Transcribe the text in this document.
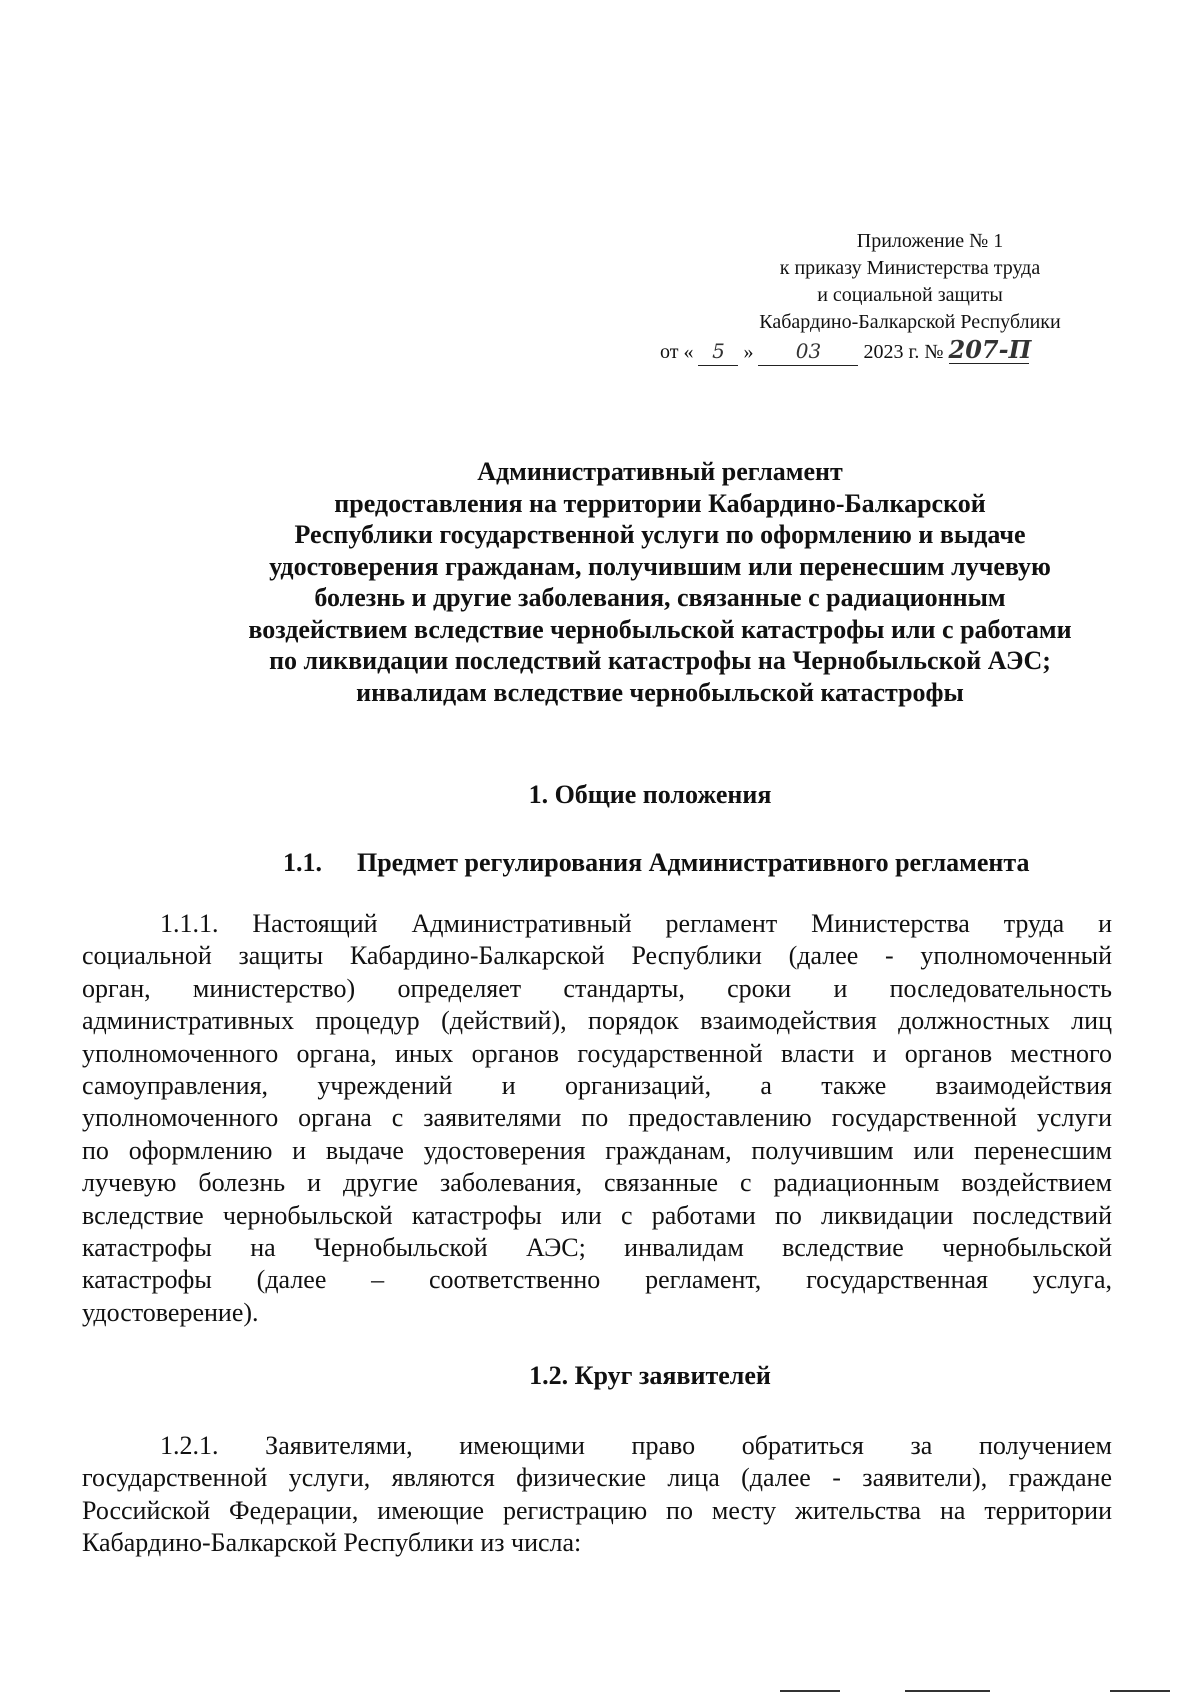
Приложение № 1
к приказу Министерства труда
и социальной защиты
Кабардино-Балкарской Республики
от « 5 » 03 2023 г. № 207-П
Административный регламент
предоставления на территории Кабардино-Балкарской
Республики государственной услуги по оформлению и выдаче
удостоверения гражданам, получившим или перенесшим лучевую
болезнь и другие заболевания, связанные с радиационным
воздействием вследствие чернобыльской катастрофы или с работами
по ликвидации последствий катастрофы на Чернобыльской АЭС;
инвалидам вследствие чернобыльской катастрофы
1. Общие положения
1.1. Предмет регулирования Административного регламента
1.1.1. Настоящий Административный регламент Министерства труда и
социальной защиты Кабардино-Балкарской Республики (далее - уполномоченный
орган, министерство) определяет стандарты, сроки и последовательность
административных процедур (действий), порядок взаимодействия должностных лиц
уполномоченного органа, иных органов государственной власти и органов местного
самоуправления, учреждений и организаций, а также взаимодействия
уполномоченного органа с заявителями по предоставлению государственной услуги
по оформлению и выдаче удостоверения гражданам, получившим или перенесшим
лучевую болезнь и другие заболевания, связанные с радиационным воздействием
вследствие чернобыльской катастрофы или с работами по ликвидации последствий
катастрофы на Чернобыльской АЭС; инвалидам вследствие чернобыльской
катастрофы (далее – соответственно регламент, государственная услуга,
удостоверение).
1.2. Круг заявителей
1.2.1. Заявителями, имеющими право обратиться за получением
государственной услуги, являются физические лица (далее - заявители), граждане
Российской Федерации, имеющие регистрацию по месту жительства на территории
Кабардино-Балкарской Республики из числа:
